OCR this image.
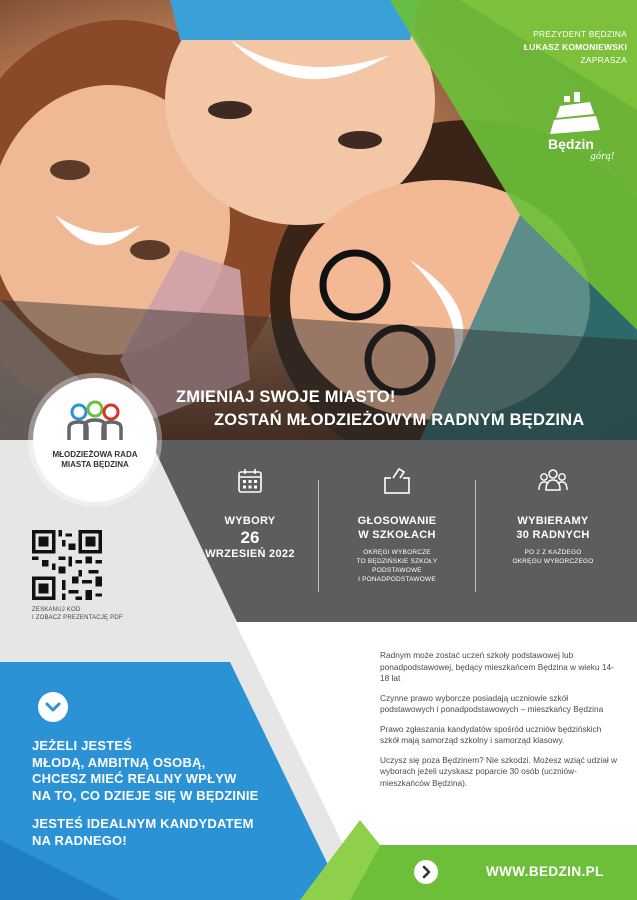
PREZYDENT BĘDZINA
ŁUKASZ KOMONIEWSKI
ZAPRASZA
Będzin
górą!
MŁODZIEŻOWA RADA
MIASTA BĘDZINA
ZMIENIAJ SWOJE MIASTO!
ZOSTAŃ MŁODZIEŻOWYM RADNYM BĘDZINA
WYBORY
26
WRZESIEŃ 2022
GŁOSOWANIE
W SZKOŁACH
OKRĘGI WYBORCZE
TO BĘDZIŃSKIE SZKOŁY
PODSTAWOWE
I PONADPODSTAWOWE
WYBIERAMY
30 RADNYCH
PO 2 Z KAŻDEGO
OKRĘGU WYBORCZEGO
ZESKANUJ KOD
I ZOBACZ PREZENTACJĘ PDF

Radnym może zostać uczeń szkoły podstawowej lub ponadpodstawowej, będący mieszkańcem Będzina w wieku 14-18 lat

Czynne prawo wyborcze posiadają uczniowie szkół podstawowych i ponadpodstawowych – mieszkańcy Będzina

Prawo zgłaszania kandydatów spośród uczniów będzińskich szkół mają samorząd szkolny i samorząd klasowy.

Uczysz się poza Będzinem? Nie szkodzi. Możesz wziąć udział w wyborach jeżeli uzyskasz poparcie 30 osób (uczniów-mieszkańców Będzina).

JEŻELI JESTEŚ
MŁODĄ, AMBITNĄ OSOBĄ,
CHCESZ MIEĆ REALNY WPŁYW
NA TO, CO DZIEJE SIĘ W BĘDZINIE
JESTEŚ IDEALNYM KANDYDATEM
NA RADNEGO!
WWW.BEDZIN.PL
